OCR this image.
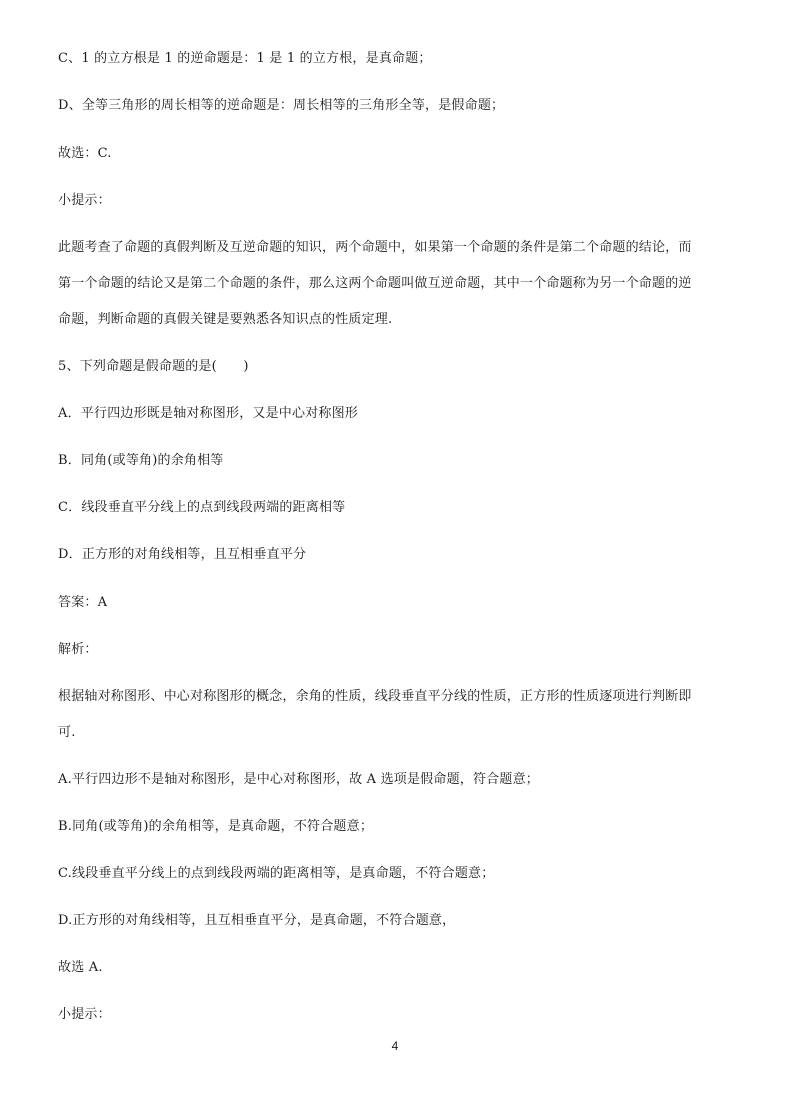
C、1 的立方根是 1 的逆命题是：1 是 1 的立方根，是真命题；
D、全等三角形的周长相等的逆命题是：周长相等的三角形全等，是假命题；
故选：C.
小提示：
此题考查了命题的真假判断及互逆命题的知识，两个命题中，如果第一个命题的条件是第二个命题的结论，而
第一个命题的结论又是第二个命题的条件，那么这两个命题叫做互逆命题，其中一个命题称为另一个命题的逆
命题，判断命题的真假关键是要熟悉各知识点的性质定理.
5、下列命题是假命题的是(　　)
A．平行四边形既是轴对称图形，又是中心对称图形
B．同角(或等角)的余角相等
C．线段垂直平分线上的点到线段两端的距离相等
D．正方形的对角线相等，且互相垂直平分
答案：A
解析：
根据轴对称图形、中心对称图形的概念，余角的性质，线段垂直平分线的性质，正方形的性质逐项进行判断即
可.
A.平行四边形不是轴对称图形，是中心对称图形，故 A 选项是假命题，符合题意；
B.同角(或等角)的余角相等，是真命题，不符合题意；
C.线段垂直平分线上的点到线段两端的距离相等，是真命题，不符合题意；
D.正方形的对角线相等，且互相垂直平分，是真命题，不符合题意，
故选 A.
小提示：
4
